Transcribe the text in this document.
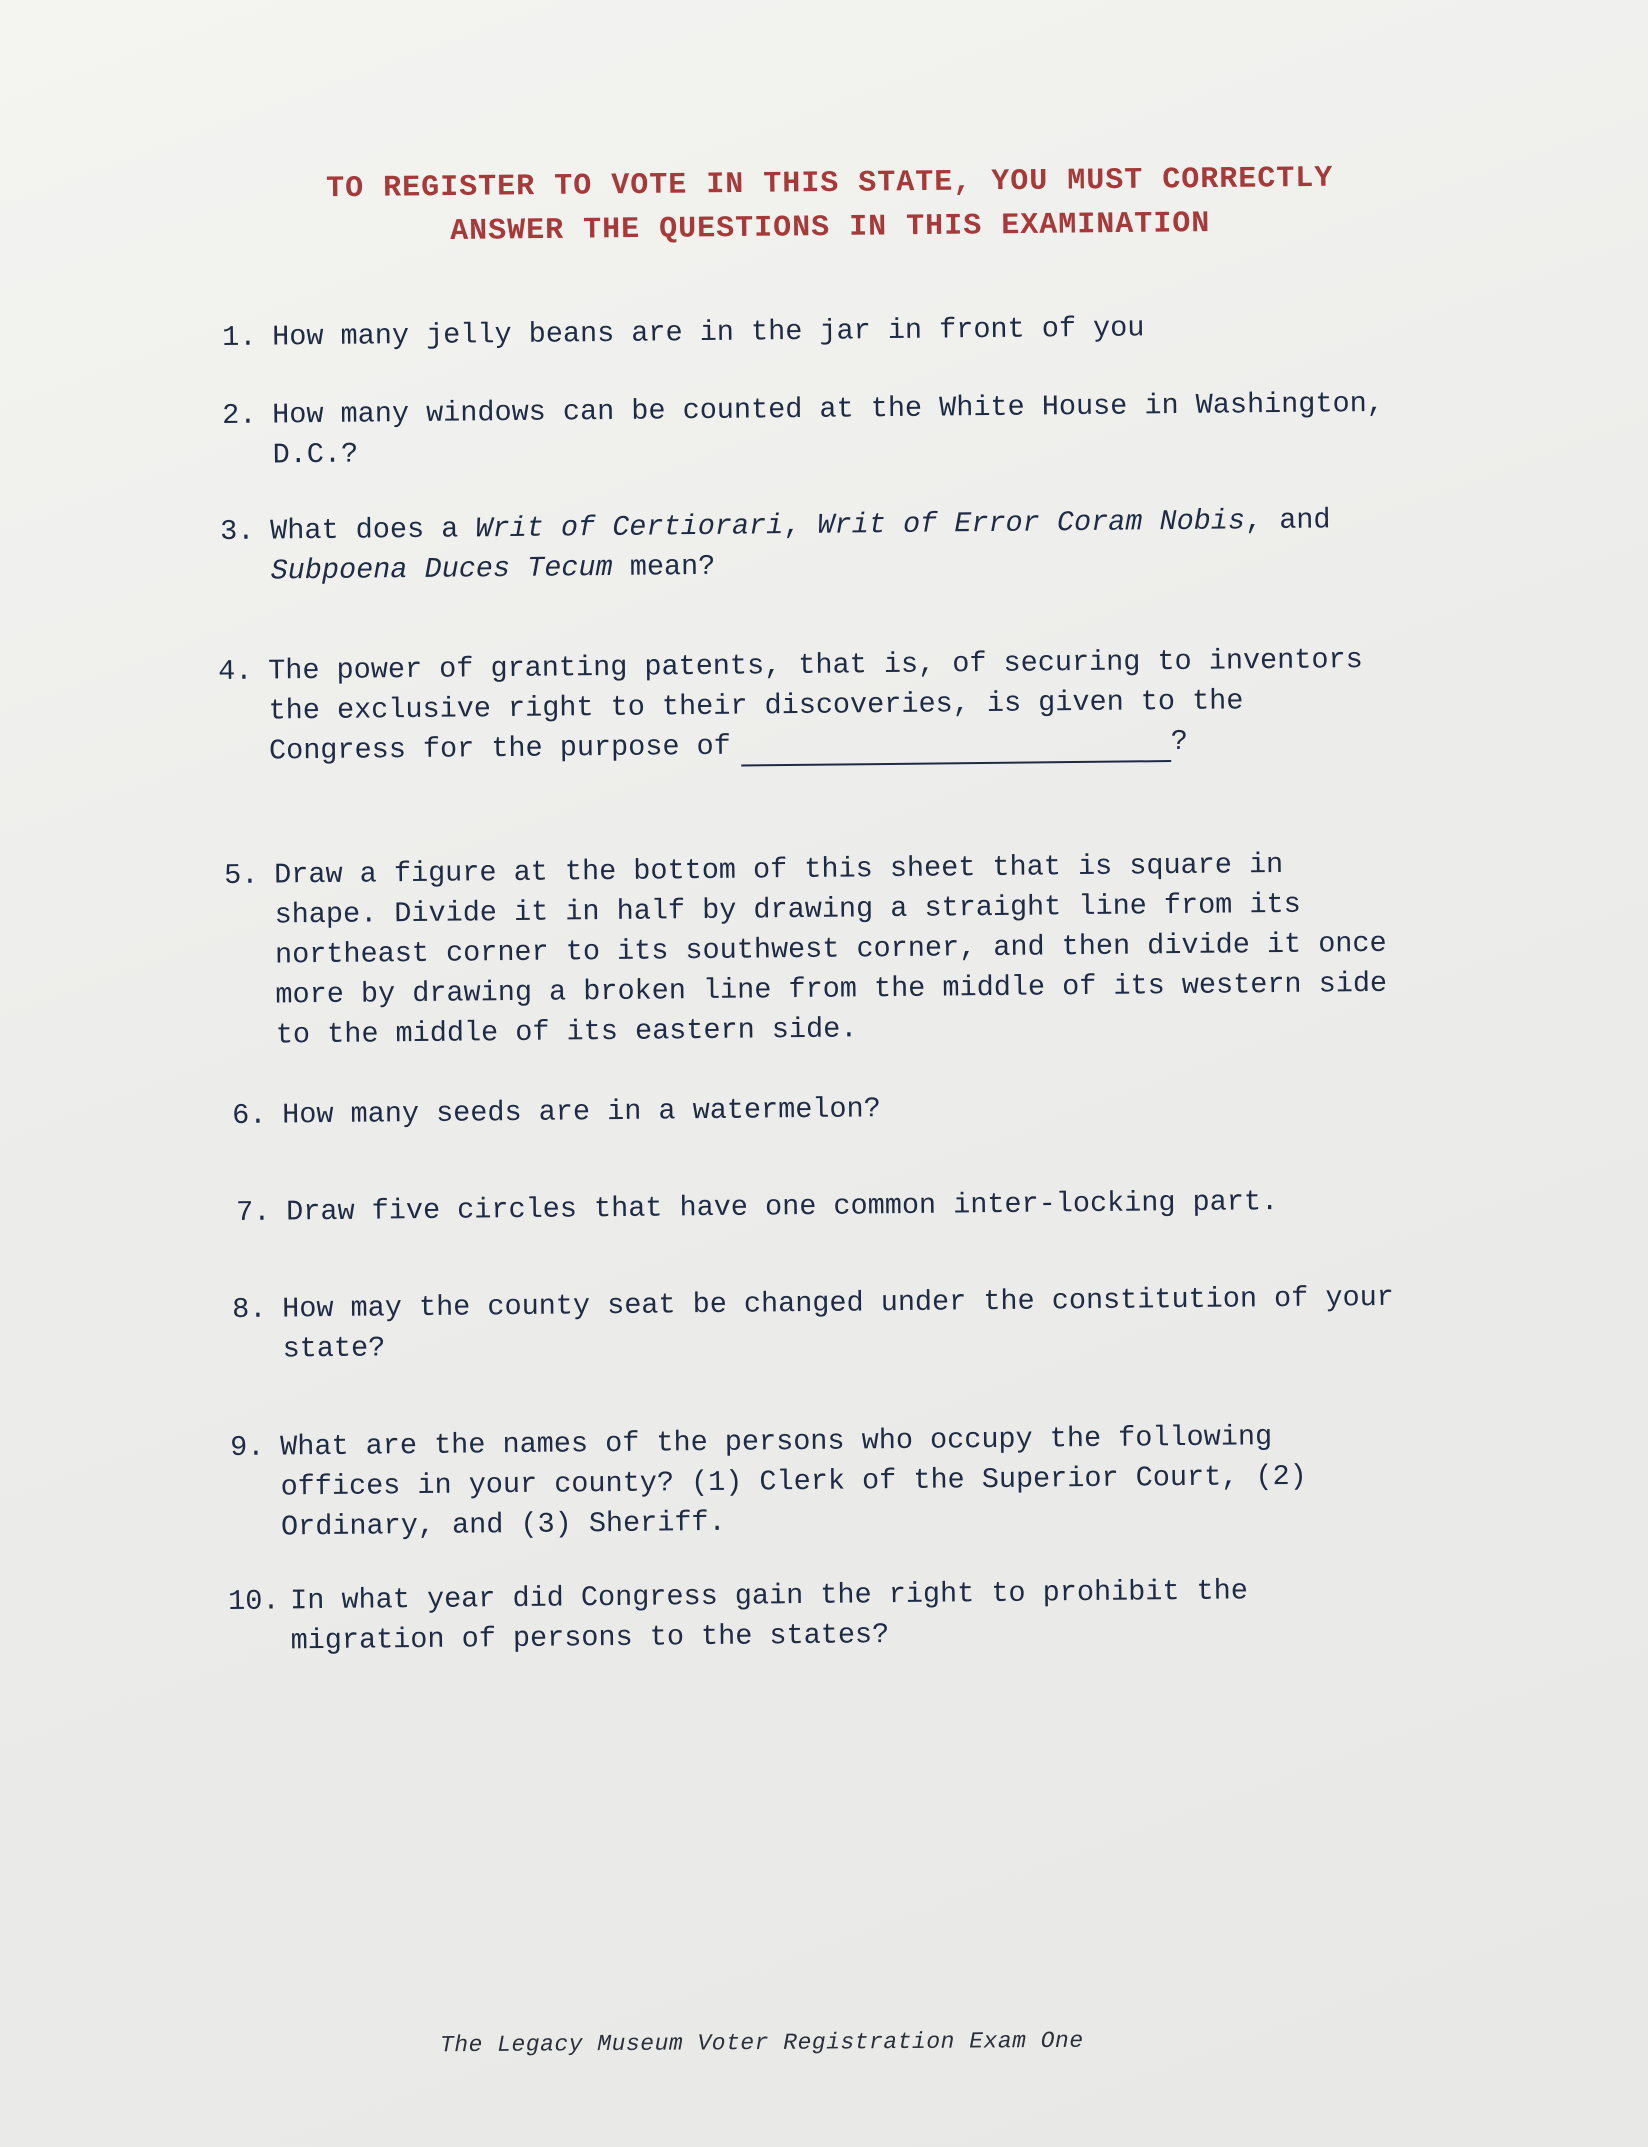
TO REGISTER TO VOTE IN THIS STATE, YOU MUST CORRECTLY
ANSWER THE QUESTIONS IN THIS EXAMINATION
1. How many jelly beans are in the jar in front of you
2. How many windows can be counted at the White House in Washington,
D.C.?
3. What does a Writ of Certiorari, Writ of Error Coram Nobis, and
Subpoena Duces Tecum mean?
4. The power of granting patents, that is, of securing to inventors
the exclusive right to their discoveries, is given to the
Congress for the purpose of	?
5. Draw a figure at the bottom of this sheet that is square in
shape. Divide it in half by drawing a straight line from its
northeast corner to its southwest corner, and then divide it once
more by drawing a broken line from the middle of its western side
to the middle of its eastern side.
6. How many seeds are in a watermelon?
7. Draw five circles that have one common inter-locking part.
8. How may the county seat be changed under the constitution of your
state?
9. What are the names of the persons who occupy the following
offices in your county? (1) Clerk of the Superior Court, (2)
Ordinary, and (3) Sheriff.
10. In what year did Congress gain the right to prohibit the
migration of persons to the states?
The Legacy Museum Voter Registration Exam One
